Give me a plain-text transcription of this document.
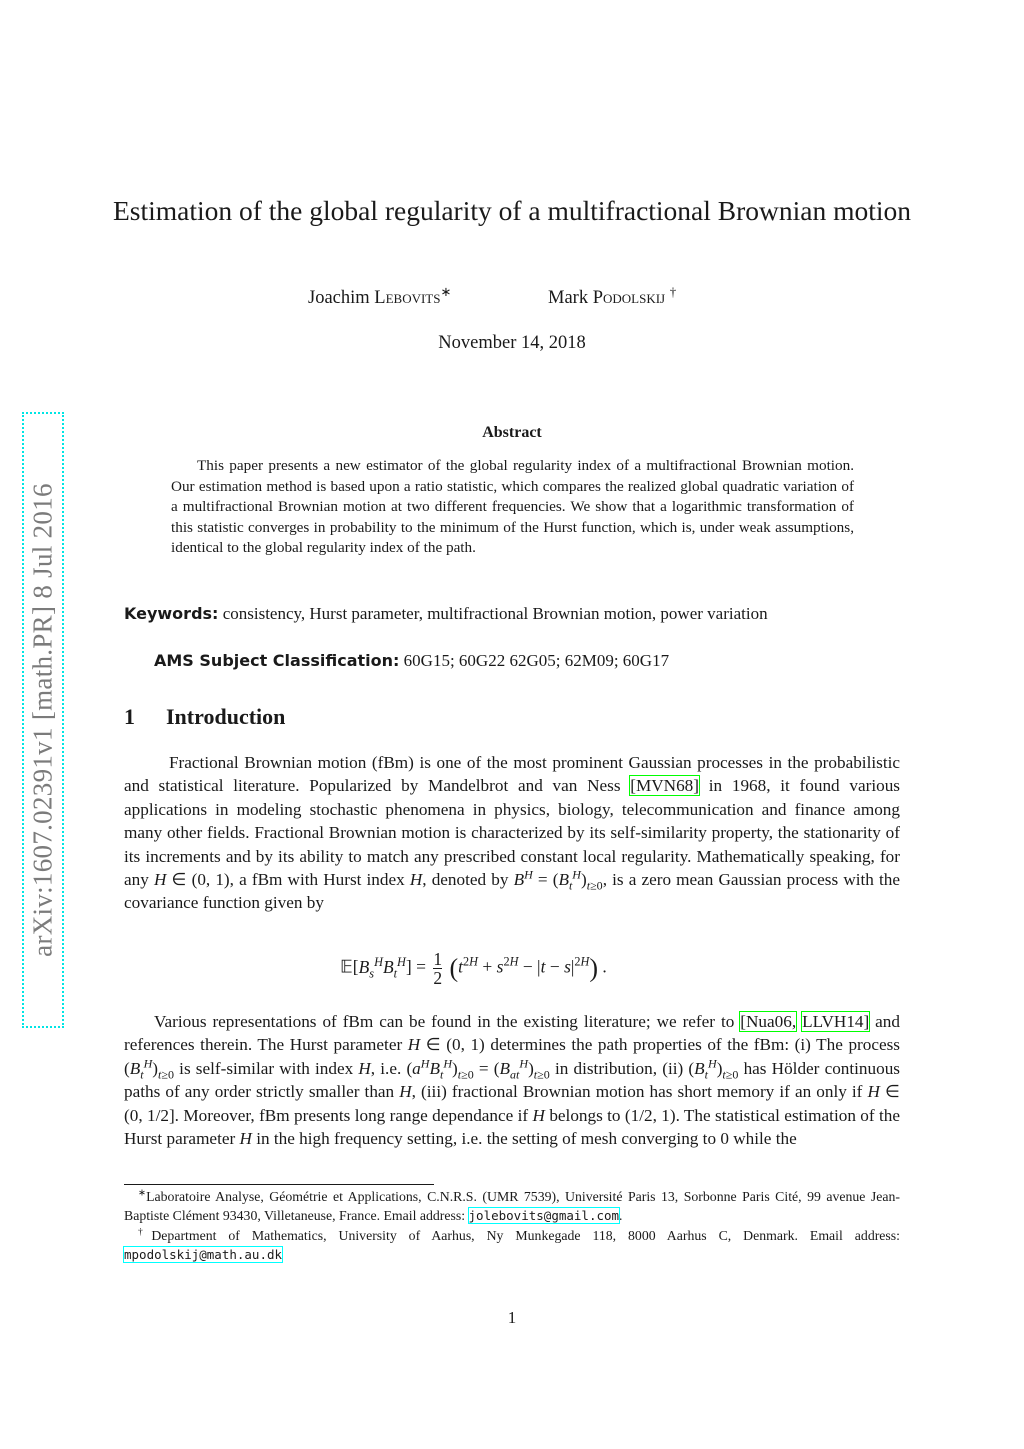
arXiv:1607.02391v1 [math.PR] 8 Jul 2016
Estimation of the global regularity of a multifractional Brownian motion
Joachim Lebovits∗	Mark Podolskij †
November 14, 2018
Abstract

This paper presents a new estimator of the global regularity index of a multifractional Brownian motion. Our estimation method is based upon a ratio statistic, which compares the realized global quadratic variation of a multifractional Brownian motion at two different frequencies. We show that a logarithmic transformation of this statistic converges in probability to the minimum of the Hurst function, which is, under weak assumptions, identical to the global regularity index of the path.

Keywords: consistency, Hurst parameter, multifractional Brownian motion, power variation
AMS Subject Classification: 60G15; 60G22 62G05; 62M09; 60G17
1 Introduction

Fractional Brownian motion (fBm) is one of the most prominent Gaussian processes in the probabilistic and statistical literature. Popularized by Mandelbrot and van Ness [MVN68] in 1968, it found various applications in modeling stochastic phenomena in physics, biology, telecommunication and finance among many other fields. Fractional Brownian motion is characterized by its self-similarity property, the stationarity of its increments and by its ability to match any prescribed constant local regularity. Mathematically speaking, for any H ∈ (0, 1), a fBm with Hurst index H, denoted by $B^H = (B_t^H)_{t\ge 0}$, is a zero mean Gaussian process with the covariance function given by

$𝔼[B_s^HB_t^H] = \frac{1}{2} (t^{2H} + s^{2H} - |t - s|^{2H})$ .

Various representations of fBm can be found in the existing literature; we refer to [Nua06, LLVH14] and references therein. The Hurst parameter H ∈ (0, 1) determines the path properties of the fBm: (i) The process $(B_t^H)_{t\ge 0}$ is self-similar with index H, i.e. $(a^HB_t^H)_{t\ge 0} = (B_{at}^H)_{t\ge 0}$ in distribution, (ii) $(B_t^H)_{t\ge 0}$ has Hölder continuous paths of any order strictly smaller than H, (iii) fractional Brownian motion has short memory if an only if H ∈ (0, 1/2]. Moreover, fBm presents long range dependance if H belongs to (1/2, 1). The statistical estimation of the Hurst parameter H in the high frequency setting, i.e. the setting of mesh converging to 0 while the

∗Laboratoire Analyse, Géométrie et Applications, C.N.R.S. (UMR 7539), Université Paris 13, Sorbonne Paris Cité, 99 avenue Jean-Baptiste Clément 93430, Villetaneuse, France. Email address: jolebovits@gmail.com.

†Department of Mathematics, University of Aarhus, Ny Munkegade 118, 8000 Aarhus C, Denmark. Email address: mpodolskij@math.au.dk

1
